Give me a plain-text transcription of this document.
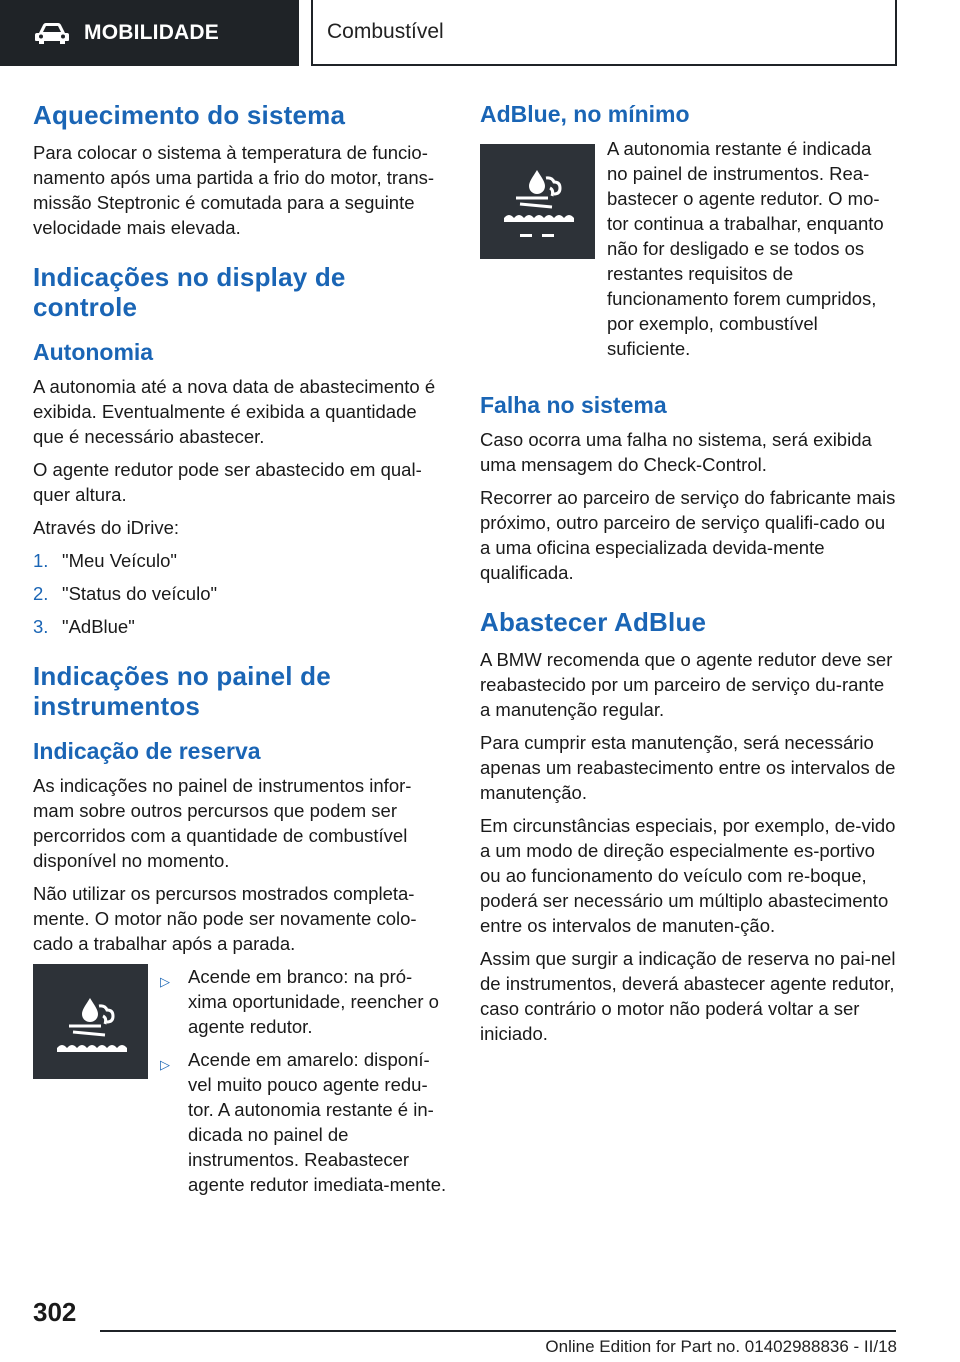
MOBILIDADE	Combustível
Aquecimento do sistema

Para colocar o sistema à temperatura de funcio-namento após uma partida a frio do motor, trans-missão Steptronic é comutada para a seguinte velocidade mais elevada.

Indicações no display de controle
Autonomia

A autonomia até a nova data de abastecimento é exibida. Eventualmente é exibida a quantidade que é necessário abastecer.

O agente redutor pode ser abastecido em qual-quer altura.

Através do iDrive:

1. "Meu Veículo"
2. "Status do veículo"
3. "AdBlue"
Indicações no painel de instrumentos
Indicação de reserva

As indicações no painel de instrumentos infor-mam sobre outros percursos que podem ser percorridos com a quantidade de combustível disponível no momento.

Não utilizar os percursos mostrados completa-mente. O motor não pode ser novamente colo-cado a trabalhar após a parada.

▷ Acende em branco: na pró-xima oportunidade, reencher o agente redutor.
▷ Acende em amarelo: disponí-vel muito pouco agente redu-tor. A autonomia restante é in-dicada no painel de instrumentos. Reabastecer agente redutor imediata-mente.
AdBlue, no mínimo

A autonomia restante é indicada no painel de instrumentos. Rea-bastecer o agente redutor. O mo-tor continua a trabalhar, enquanto não for desligado e se todos os restantes requisitos de funcionamento forem cumpridos, por exemplo, combustível suficiente.

Falha no sistema

Caso ocorra uma falha no sistema, será exibida uma mensagem do Check-Control.

Recorrer ao parceiro de serviço do fabricante mais próximo, outro parceiro de serviço qualifi-cado ou a uma oficina especializada devida-mente qualificada.

Abastecer AdBlue

A BMW recomenda que o agente redutor deve ser reabastecido por um parceiro de serviço du-rante a manutenção regular.

Para cumprir esta manutenção, será necessário apenas um reabastecimento entre os intervalos de manutenção.

Em circunstâncias especiais, por exemplo, de-vido a um modo de direção especialmente es-portivo ou ao funcionamento do veículo com re-boque, poderá ser necessário um múltiplo abastecimento entre os intervalos de manuten-ção.

Assim que surgir a indicação de reserva no pai-nel de instrumentos, deverá abastecer agente redutor, caso contrário o motor não poderá voltar a ser iniciado.

302
Online Edition for Part no. 01402988836 - II/18
